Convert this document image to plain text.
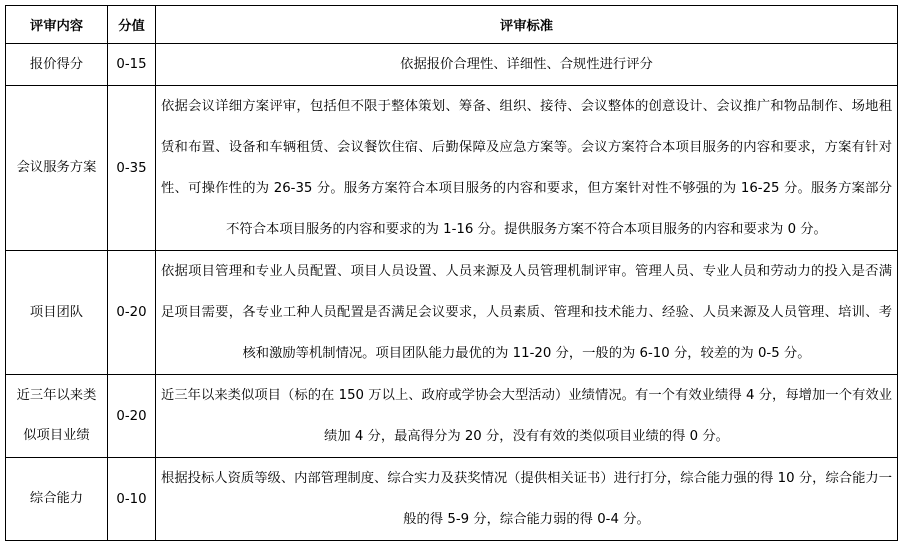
评审内容	分值	评审标准

报价得分	0-15	依据报价合理性、详细性、合规性进行评分

会议服务方案	0-35	依据会议详细方案评审，包括但不限于整体策划、筹备、组织、接待、会议整体的创意设计、会议推广和物品制作、场地租赁和布置、设备和车辆租赁、会议餐饮住宿、后勤保障及应急方案等。会议方案符合本项目服务的内容和要求，方案有针对性、可操作性的为 26-35 分。服务方案符合本项目服务的内容和要求，但方案针对性不够强的为 16-25 分。服务方案部分不符合本项目服务的内容和要求的为 1-16 分。提供服务方案不符合本项目服务的内容和要求为 0 分。

项目团队	0-20	依据项目管理和专业人员配置、项目人员设置、人员来源及人员管理机制评审。管理人员、专业人员和劳动力的投入是否满足项目需要，各专业工种人员配置是否满足会议要求，人员素质、管理和技术能力、经验、人员来源及人员管理、培训、考核和激励等机制情况。项目团队能力最优的为 11-20 分，一般的为 6-10 分，较差的为 0-5 分。

近三年以来类似项目业绩	0-20	近三年以来类似项目（标的在 150 万以上、政府或学协会大型活动）业绩情况。有一个有效业绩得 4 分，每增加一个有效业绩加 4 分，最高得分为 20 分，没有有效的类似项目业绩的得 0 分。

综合能力	0-10	根据投标人资质等级、内部管理制度、综合实力及获奖情况（提供相关证书）进行打分，综合能力强的得 10 分，综合能力一般的得 5-9 分，综合能力弱的得 0-4 分。
